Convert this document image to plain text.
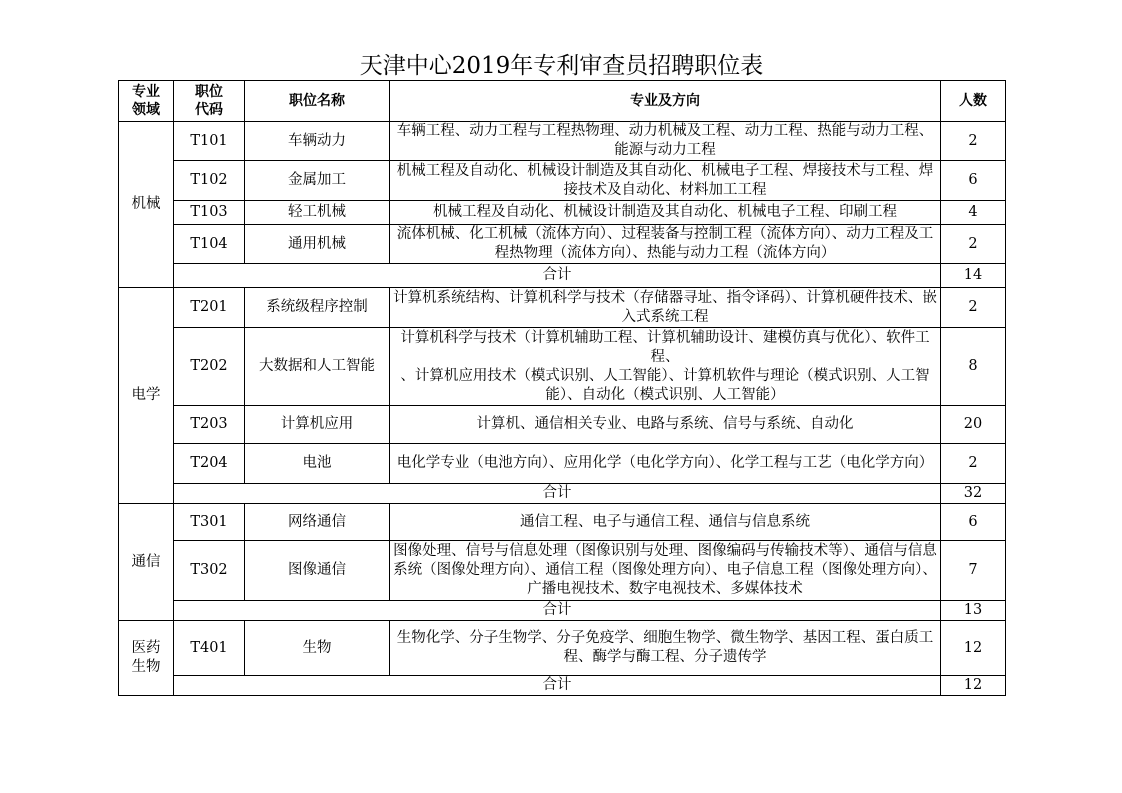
天津中心2019年专利审查员招聘职位表
专业领域	职位代码	职位名称	专业及方向	人数
机械	T101	车辆动力	车辆工程、动力工程与工程热物理、动力机械及工程、动力工程、热能与动力工程、能源与动力工程	2
	T102	金属加工	机械工程及自动化、机械设计制造及其自动化、机械电子工程、焊接技术与工程、焊接技术及自动化、材料加工工程	6
	T103	轻工机械	机械工程及自动化、机械设计制造及其自动化、机械电子工程、印刷工程	4
	T104	通用机械	流体机械、化工机械（流体方向）、过程装备与控制工程（流体方向）、动力工程及工程热物理（流体方向）、热能与动力工程（流体方向）	2
	合计			14
电学	T201	系统级程序控制	计算机系统结构、计算机科学与技术（存储器寻址、指令译码）、计算机硬件技术、嵌入式系统工程	2
	T202	大数据和人工智能	计算机科学与技术（计算机辅助工程、计算机辅助设计、建模仿真与优化）、软件工程、
、计算机应用技术（模式识别、人工智能）、计算机软件与理论（模式识别、人工智能）、自动化（模式识别、人工智能）	8
	T203	计算机应用	计算机、通信相关专业、电路与系统、信号与系统、自动化	20
	T204	电池	电化学专业（电池方向）、应用化学（电化学方向）、化学工程与工艺（电化学方向）	2
	合计			32
通信	T301	网络通信	通信工程、电子与通信工程、通信与信息系统	6
	T302	图像通信	图像处理、信号与信息处理（图像识别与处理、图像编码与传输技术等）、通信与信息系统（图像处理方向）、通信工程（图像处理方向）、电子信息工程（图像处理方向）、广播电视技术、数字电视技术、多媒体技术	7
	合计			13
医药生物	T401	生物	生物化学、分子生物学、分子免疫学、细胞生物学、微生物学、基因工程、蛋白质工程、酶学与酶工程、分子遗传学	12
	合计			12
